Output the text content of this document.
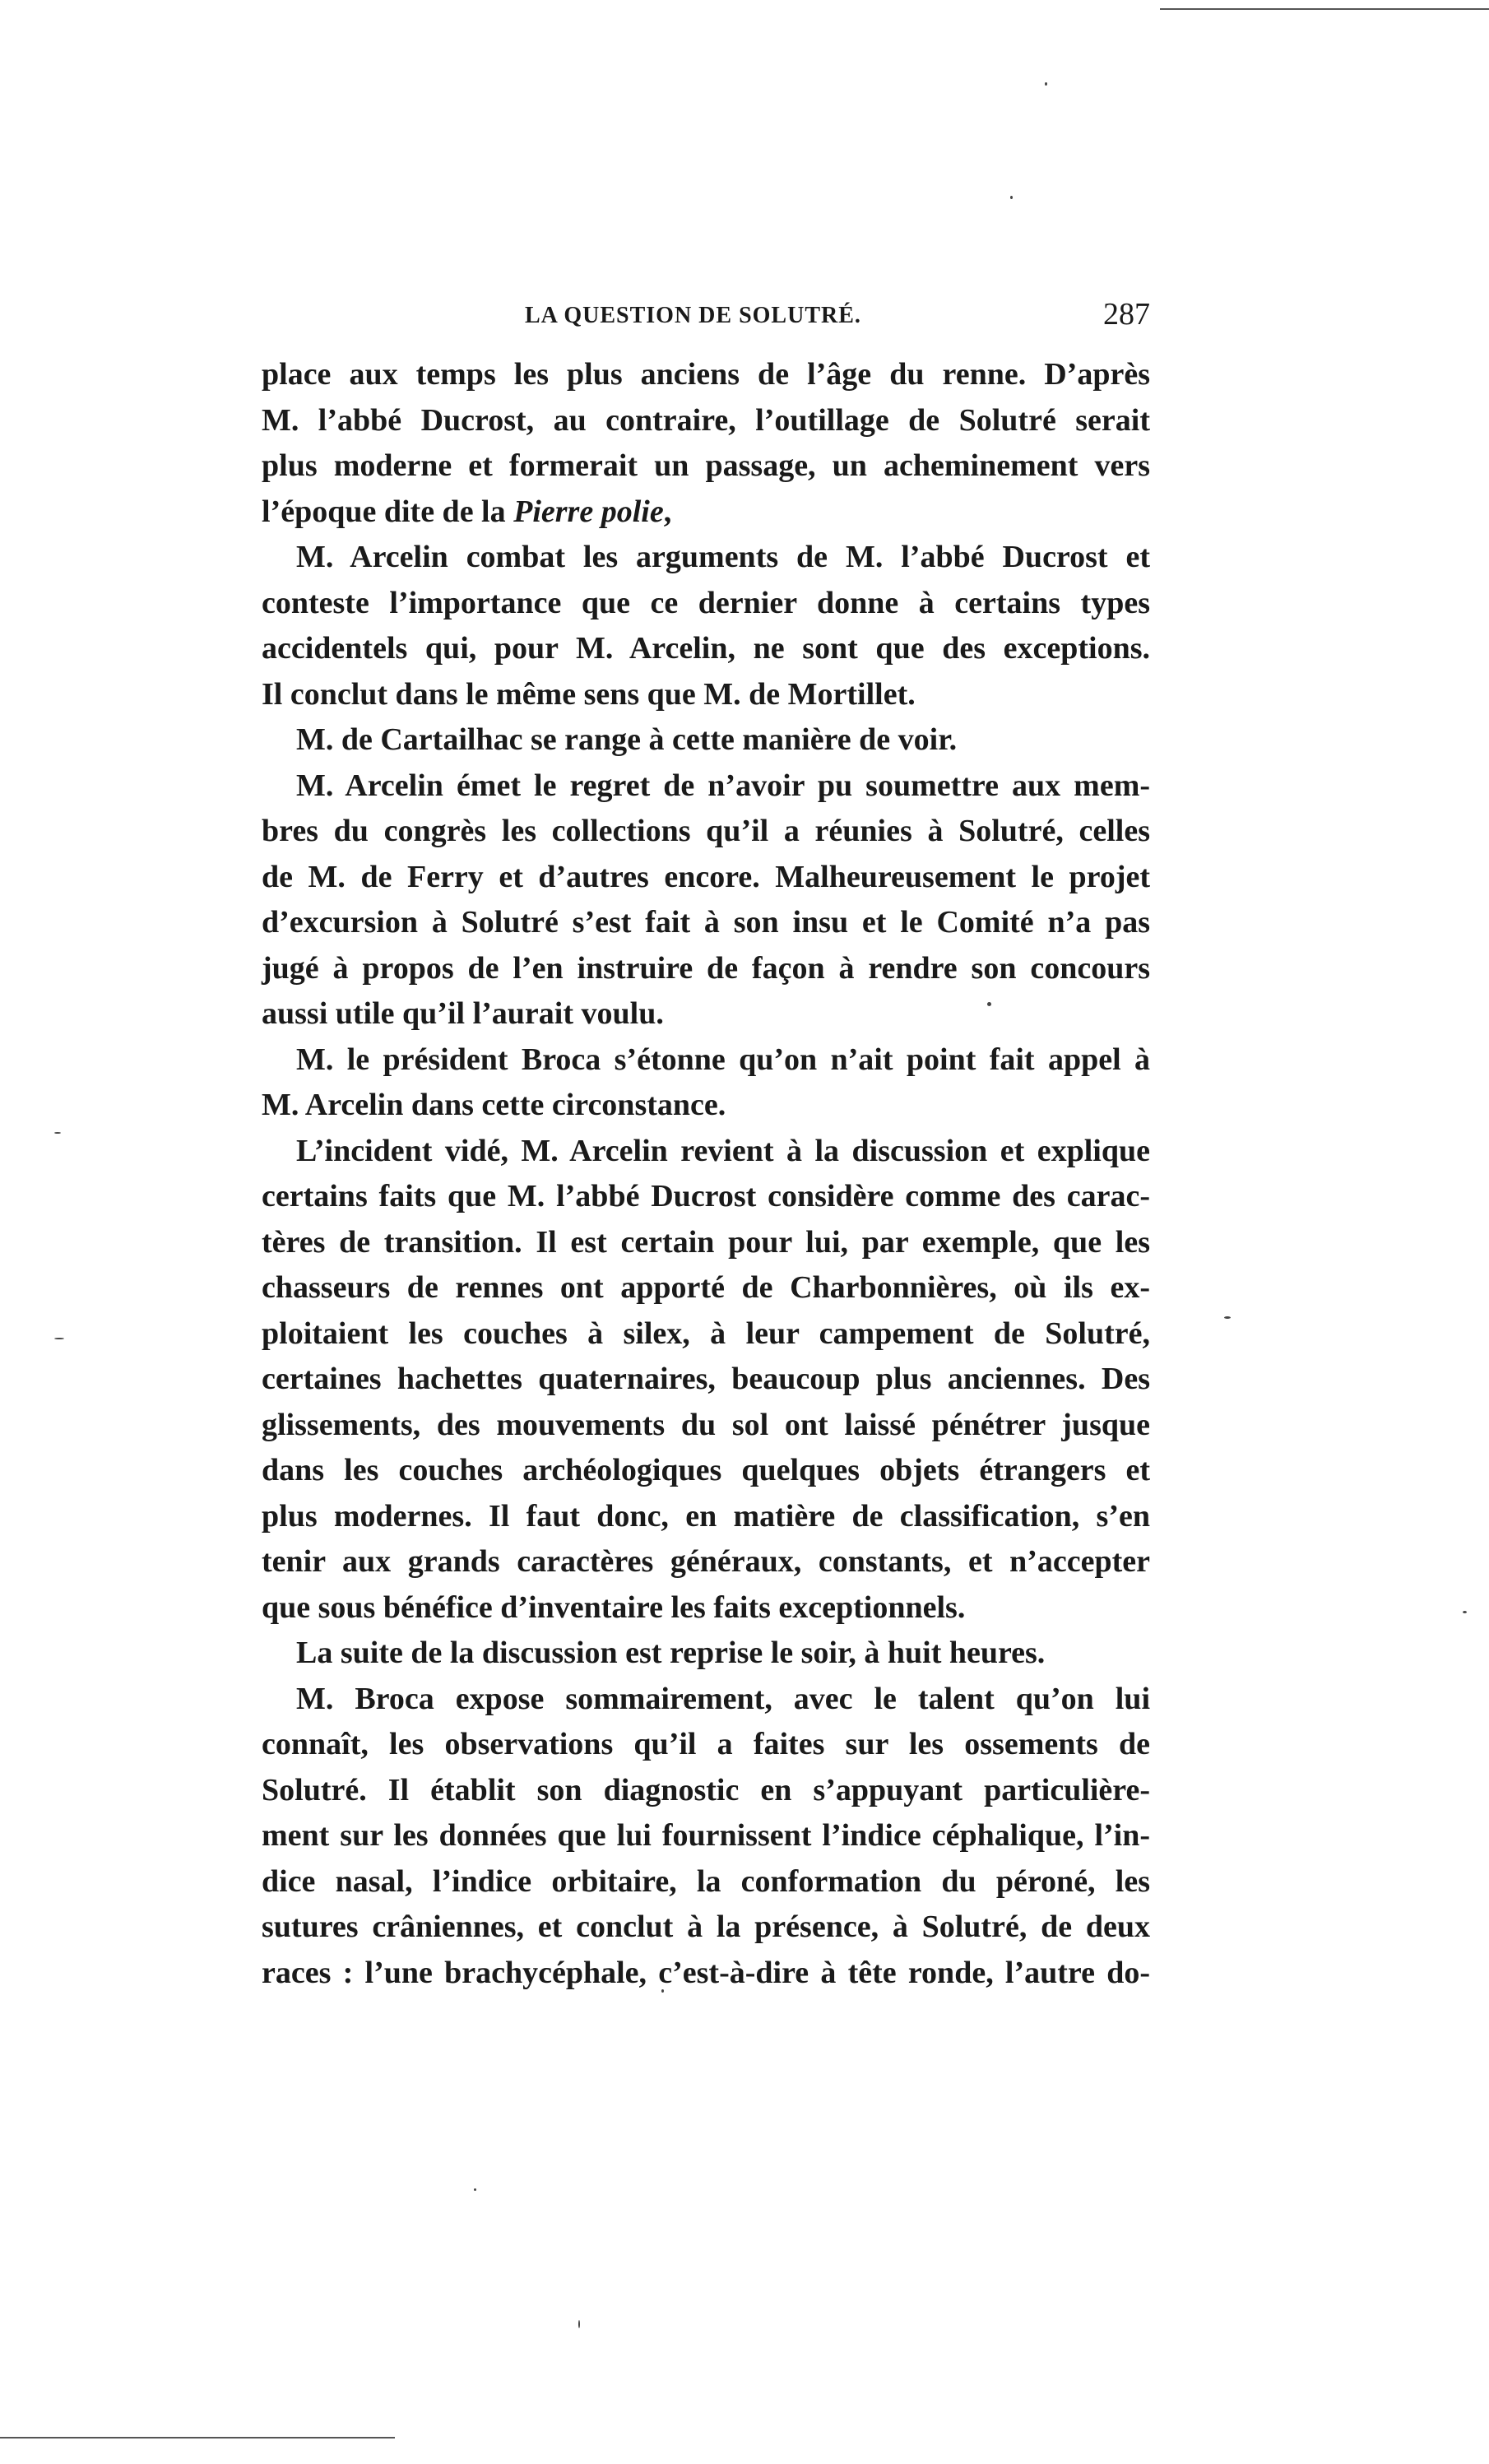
LA QUESTION DE SOLUTRÉ.	287
place aux temps les plus anciens de l’âge du renne. D’après
M. l’abbé Ducrost, au contraire, l’outillage de Solutré serait
plus moderne et formerait un passage, un acheminement vers
l’époque dite de la Pierre polie,
M. Arcelin combat les arguments de M. l’abbé Ducrost et
conteste l’importance que ce dernier donne à certains types
accidentels qui, pour M. Arcelin, ne sont que des exceptions.
Il conclut dans le même sens que M. de Mortillet.
M. de Cartailhac se range à cette manière de voir.
M. Arcelin émet le regret de n’avoir pu soumettre aux mem-
bres du congrès les collections qu’il a réunies à Solutré, celles
de M. de Ferry et d’autres encore. Malheureusement le projet
d’excursion à Solutré s’est fait à son insu et le Comité n’a pas
jugé à propos de l’en instruire de façon à rendre son concours
aussi utile qu’il l’aurait voulu.
M. le président Broca s’étonne qu’on n’ait point fait appel à
M. Arcelin dans cette circonstance.
L’incident vidé, M. Arcelin revient à la discussion et explique
certains faits que M. l’abbé Ducrost considère comme des carac-
tères de transition. Il est certain pour lui, par exemple, que les
chasseurs de rennes ont apporté de Charbonnières, où ils ex-
ploitaient les couches à silex, à leur campement de Solutré,
certaines hachettes quaternaires, beaucoup plus anciennes. Des
glissements, des mouvements du sol ont laissé pénétrer jusque
dans les couches archéologiques quelques objets étrangers et
plus modernes. Il faut donc, en matière de classification, s’en
tenir aux grands caractères généraux, constants, et n’accepter
que sous bénéfice d’inventaire les faits exceptionnels.
La suite de la discussion est reprise le soir, à huit heures.
M. Broca expose sommairement, avec le talent qu’on lui
connaît, les observations qu’il a faites sur les ossements de
Solutré. Il établit son diagnostic en s’appuyant particulière-
ment sur les données que lui fournissent l’indice céphalique, l’in-
dice nasal, l’indice orbitaire, la conformation du péroné, les
sutures crâniennes, et conclut à la présence, à Solutré, de deux
races : l’une brachycéphale, c’est-à-dire à tête ronde, l’autre do-
